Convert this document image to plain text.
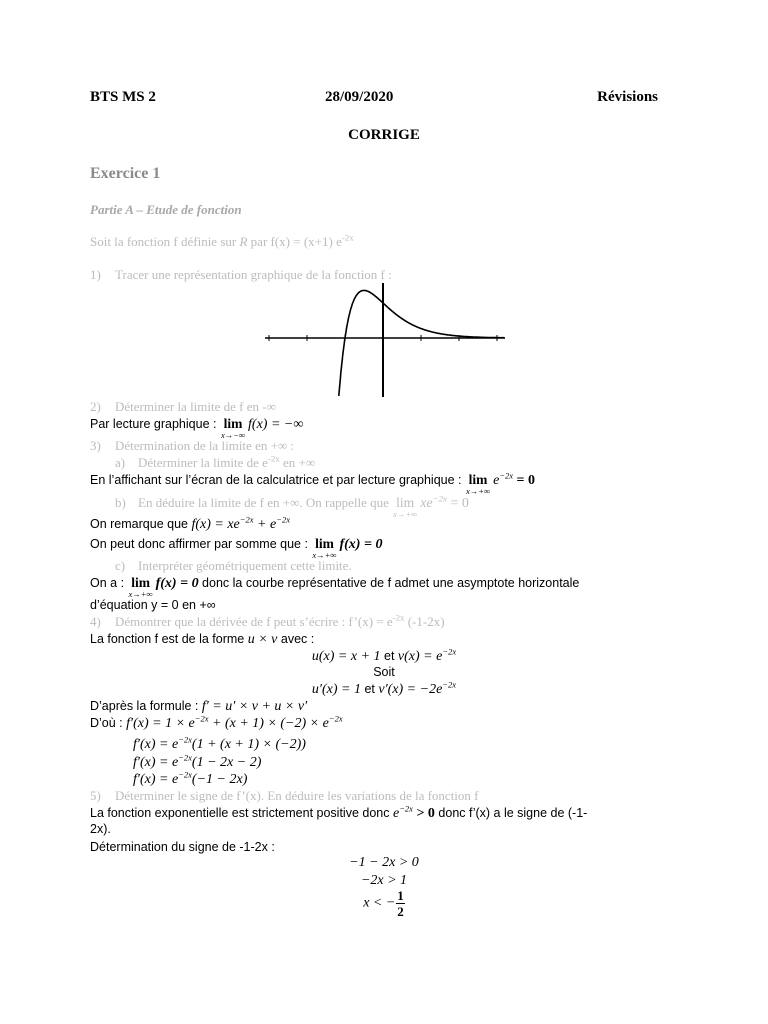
BTS MS 2	28/09/2020	Révisions
CORRIGE
Exercice 1
Partie A – Etude de fonction
Soit la fonction f définie sur R par f(x) = (x+1) $e^{-2x}$
1) Tracer une représentation graphique de la fonction f :
2) Déterminer la limite de f en -∞
Par lecture graphique : lim
x→−∞
f(x) = −∞
3) Détermination de la limite en +∞ :
a) Déterminer la limite de $e^{-2x}$ en +∞
En l’affichant sur l’écran de la calculatrice et par lecture graphique : lim
x→+∞
$e^{-2x} = 0$
b) En déduire la limite de f en +∞. On rappelle que lim
x→+∞
$xe^{-2x} = 0$
On remarque que $f(x) = xe^{-2x} + e^{-2x}$
On peut donc affirmer par somme que : lim
x→+∞
f(x) = 0
c) Interpréter géométriquement cette limite.
On a : lim
x→+∞
f(x) = 0 donc la courbe représentative de f admet une asymptote horizontale
d’équation y = 0 en +∞
4) Démontrer que la dérivée de f peut s’écrire : f’(x) = $e^{-2x}$ (-1-2x)
La fonction f est de la forme u × v avec :
u(x) = x + 1 et $v(x) = e^{-2x}$
Soit
u′(x) = 1 et $v'(x) = -2e^{-2x}$
D’après la formule : f′ = u′ × v + u × v′
D’où : $f'(x) = 1 \times e^{-2x} + (x + 1) \times (-2) \times e^{-2x}$
$f'(x) = e^{-2x}(1 + (x + 1) \times (-2))$
$f'(x) = e^{-2x}(1 - 2x - 2)$
$f'(x) = e^{-2x}(-1 - 2x)$
5) Déterminer le signe de f’(x). En déduire les variations de la fonction f
La fonction exponentielle est strictement positive donc $e^{-2x} > 0$ donc f’(x) a le signe de (-1-
2x).
Détermination du signe de -1-2x :
−1 − 2x > 0
−2x > 1
x < − $\frac{1}{2}$
